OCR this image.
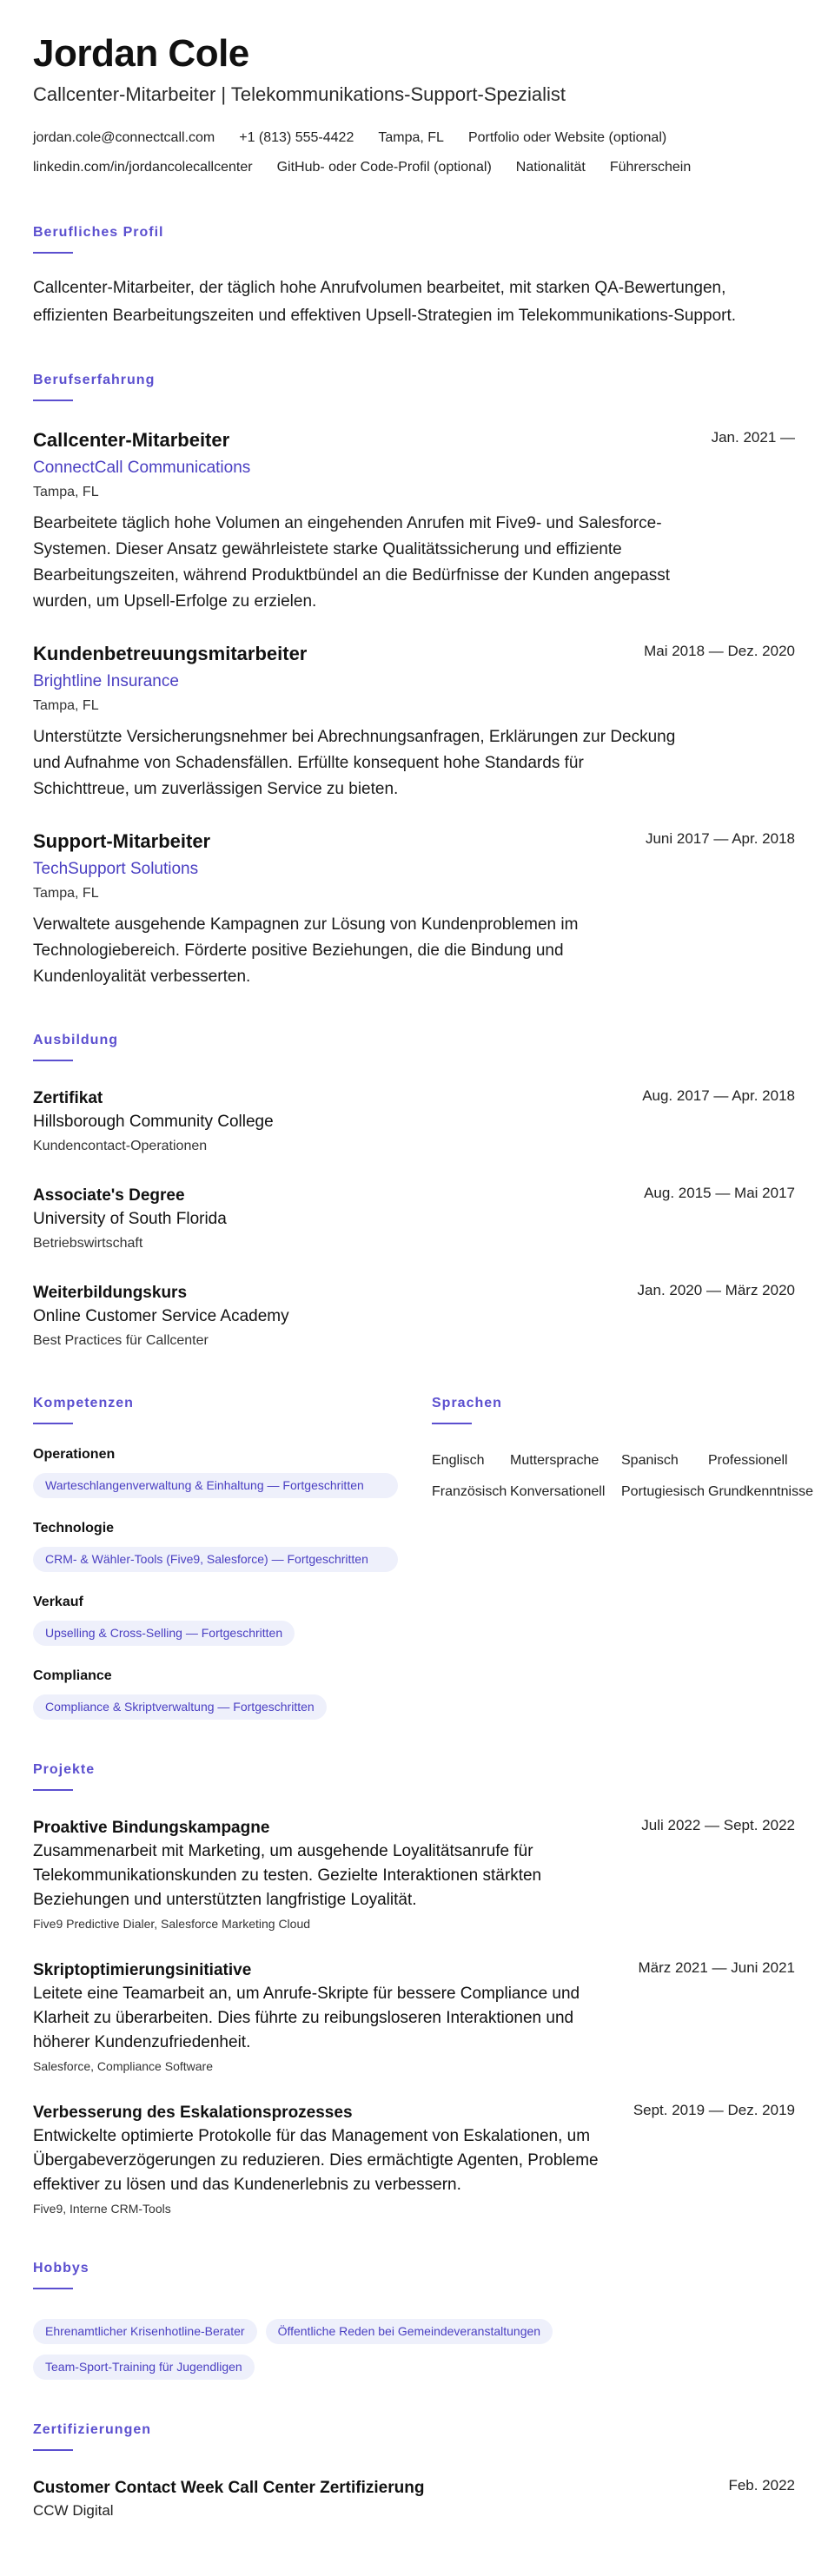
Jordan Cole
Callcenter-Mitarbeiter | Telekommunikations-Support-Spezialist
jordan.cole@connectcall.com +1 (813) 555-4422 Tampa, FL Portfolio oder Website (optional)
linkedin.com/in/jordancolecallcenter GitHub- oder Code-Profil (optional) Nationalität Führerschein
Berufliches Profil

Callcenter-Mitarbeiter, der täglich hohe Anrufvolumen bearbeitet, mit starken QA-Bewertungen, effizienten Bearbeitungszeiten und effektiven Upsell-Strategien im Telekommunikations-Support.

Berufserfahrung
Jan. 2021 —
Callcenter-Mitarbeiter
ConnectCall Communications
Tampa, FL

Bearbeitete täglich hohe Volumen an eingehenden Anrufen mit Five9- und Salesforce-Systemen. Dieser Ansatz gewährleistete starke Qualitätssicherung und effiziente Bearbeitungszeiten, während Produktbündel an die Bedürfnisse der Kunden angepasst wurden, um Upsell-Erfolge zu erzielen.

Mai 2018 — Dez. 2020
Kundenbetreuungsmitarbeiter
Brightline Insurance
Tampa, FL

Unterstützte Versicherungsnehmer bei Abrechnungsanfragen, Erklärungen zur Deckung und Aufnahme von Schadensfällen. Erfüllte konsequent hohe Standards für Schichttreue, um zuverlässigen Service zu bieten.

Juni 2017 — Apr. 2018
Support-Mitarbeiter
TechSupport Solutions
Tampa, FL

Verwaltete ausgehende Kampagnen zur Lösung von Kundenproblemen im Technologiebereich. Förderte positive Beziehungen, die die Bindung und Kundenloyalität verbesserten.

Ausbildung
Aug. 2017 — Apr. 2018
Zertifikat
Hillsborough Community College
Kundencontact-Operationen
Aug. 2015 — Mai 2017
Associate's Degree
University of South Florida
Betriebswirtschaft
Jan. 2020 — März 2020
Weiterbildungskurs
Online Customer Service Academy
Best Practices für Callcenter
Kompetenzen
Operationen
Warteschlangenverwaltung & Einhaltung — Fortgeschritten
Technologie
CRM- & Wähler-Tools (Five9, Salesforce) — Fortgeschritten
Verkauf
Upselling & Cross-Selling — Fortgeschritten
Compliance
Compliance & Skriptverwaltung — Fortgeschritten
Sprachen
Englisch	Muttersprache	Spanisch	Professionell
Französisch Konversationell	Portugiesisch Grundkenntnisse
Projekte
Juli 2022 — Sept. 2022
Proaktive Bindungskampagne

Zusammenarbeit mit Marketing, um ausgehende Loyalitätsanrufe für Telekommunikationskunden zu testen. Gezielte Interaktionen stärkten Beziehungen und unterstützten langfristige Loyalität.

Five9 Predictive Dialer, Salesforce Marketing Cloud
März 2021 — Juni 2021
Skriptoptimierungsinitiative

Leitete eine Teamarbeit an, um Anrufe-Skripte für bessere Compliance und Klarheit zu überarbeiten. Dies führte zu reibungsloseren Interaktionen und höherer Kundenzufriedenheit.

Salesforce, Compliance Software
Sept. 2019 — Dez. 2019
Verbesserung des Eskalationsprozesses

Entwickelte optimierte Protokolle für das Management von Eskalationen, um Übergabeverzögerungen zu reduzieren. Dies ermächtigte Agenten, Probleme effektiver zu lösen und das Kundenerlebnis zu verbessern.

Five9, Interne CRM-Tools
Hobbys
Ehrenamtlicher Krisenhotline-Berater	Öffentliche Reden bei Gemeindeveranstaltungen
Team-Sport-Training für Jugendligen
Zertifizierungen
Feb. 2022
Customer Contact Week Call Center Zertifizierung
CCW Digital
